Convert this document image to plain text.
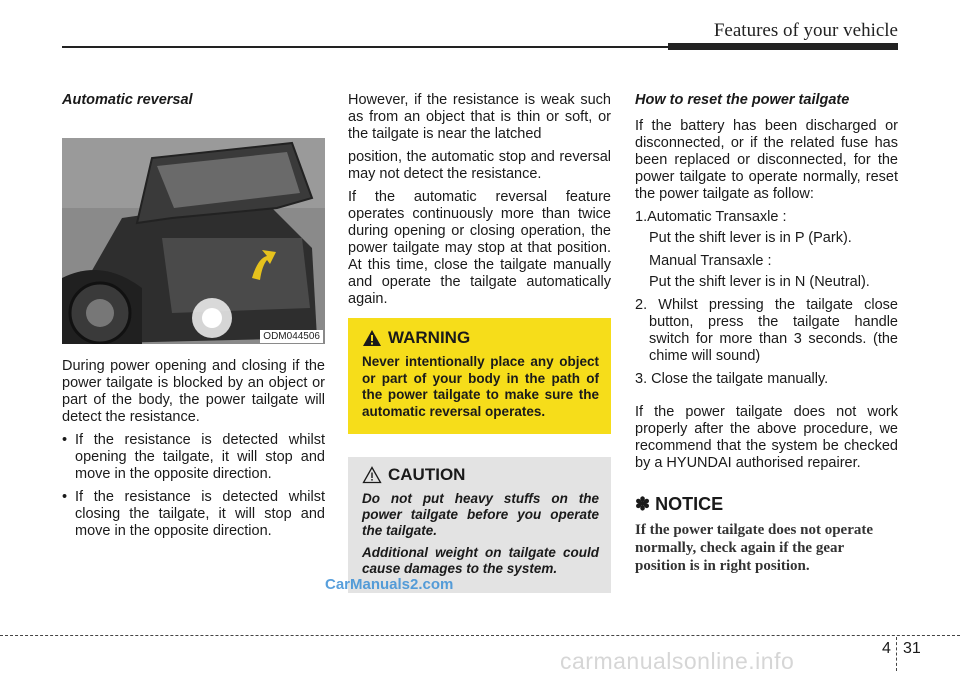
Features of your vehicle
Automatic reversal
ODM044506

During power opening and closing if the power tailgate is blocked by an object or part of the body, the power tailgate will detect the resistance.

• If the resistance is detected whilst opening the tailgate, it will stop and move in the opposite direction.
• If the resistance is detected whilst closing the tailgate, it will stop and move in the opposite direction.

However, if the resistance is weak such as from an object that is thin or soft, or the tailgate is near the latched

position, the automatic stop and reversal may not detect the resistance.

If the automatic reversal feature operates continuously more than twice during opening or closing operation, the power tailgate may stop at that position. At this time, close the tailgate manually and operate the tailgate automatically again.

WARNING

Never intentionally place any object or part of your body in the path of the power tailgate to make sure the automatic reversal operates.

CAUTION

Do not put heavy stuffs on the power tailgate before you operate the tailgate.

Additional weight on tailgate could cause damages to the system.

How to reset the power tailgate

If the battery has been discharged or disconnected, or if the related fuse has been replaced or disconnected, for the power tailgate to operate normally, reset the power tailgate as follow:

1.Automatic Transaxle :
Put the shift lever is in P (Park).
Manual Transaxle :
Put the shift lever is in N (Neutral).
2. Whilst pressing the tailgate close button, press the tailgate handle switch for more than 3 seconds. (the chime will sound)
3. Close the tailgate manually.

If the power tailgate does not work properly after the above procedure, we recommend that the system be checked by a HYUNDAI authorised repairer.

✽ NOTICE

If the power tailgate does not operate normally, check again if the gear position is in right position.

CarManuals2.com
4 31
carmanualsonline.info
